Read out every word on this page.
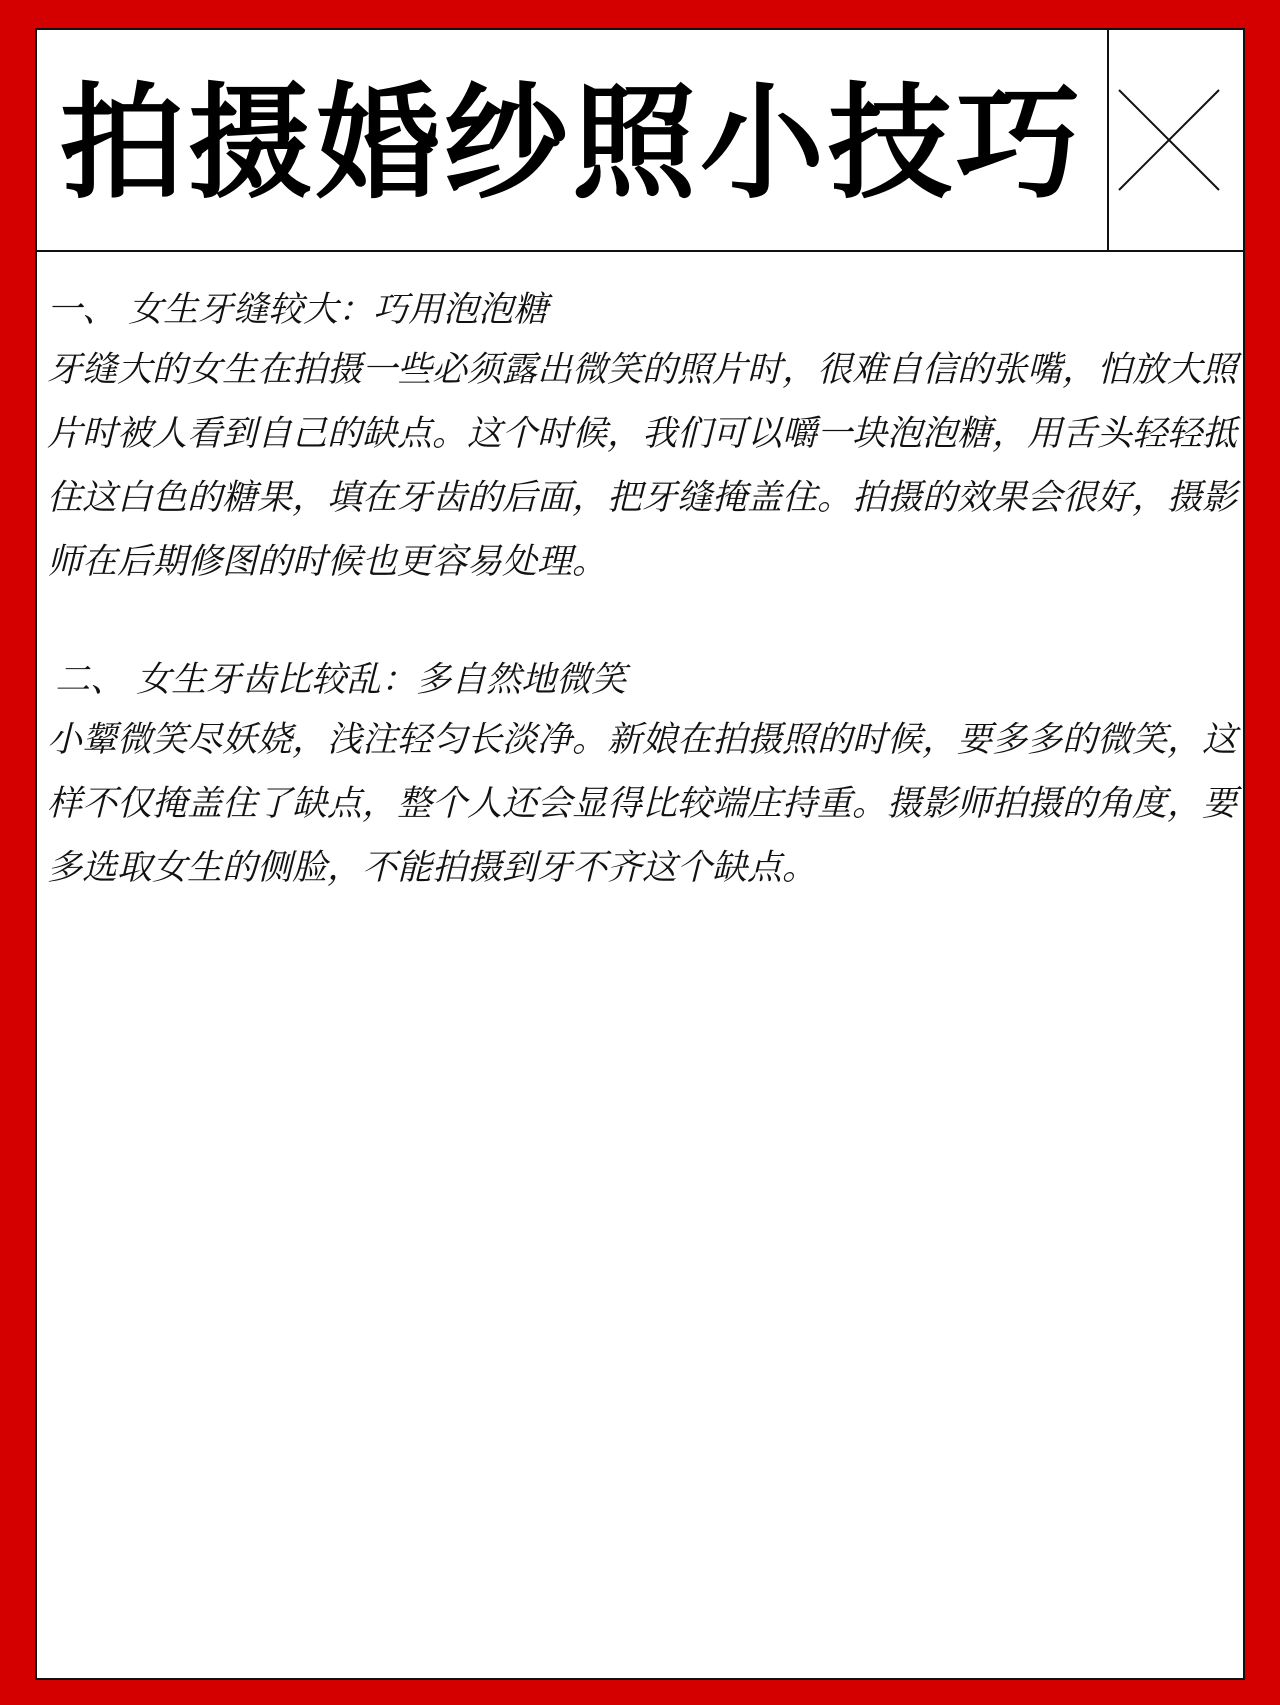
拍摄婚纱照小技巧
一、 女生牙缝较大：巧用泡泡糖

牙缝大的女生在拍摄一些必须露出微笑的照片时，很难自信的张嘴，怕放大照片时被人看到自己的缺点。这个时候，我们可以嚼一块泡泡糖，用舌头轻轻抵住这白色的糖果，填在牙齿的后面，把牙缝掩盖住。拍摄的效果会很好，摄影师在后期修图的时候也更容易处理。

二、 女生牙齿比较乱：多自然地微笑

小颦微笑尽妖娆，浅注轻匀长淡净。新娘在拍摄照的时候，要多多的微笑，这样不仅掩盖住了缺点，整个人还会显得比较端庄持重。摄影师拍摄的角度，要多选取女生的侧脸，不能拍摄到牙不齐这个缺点。
